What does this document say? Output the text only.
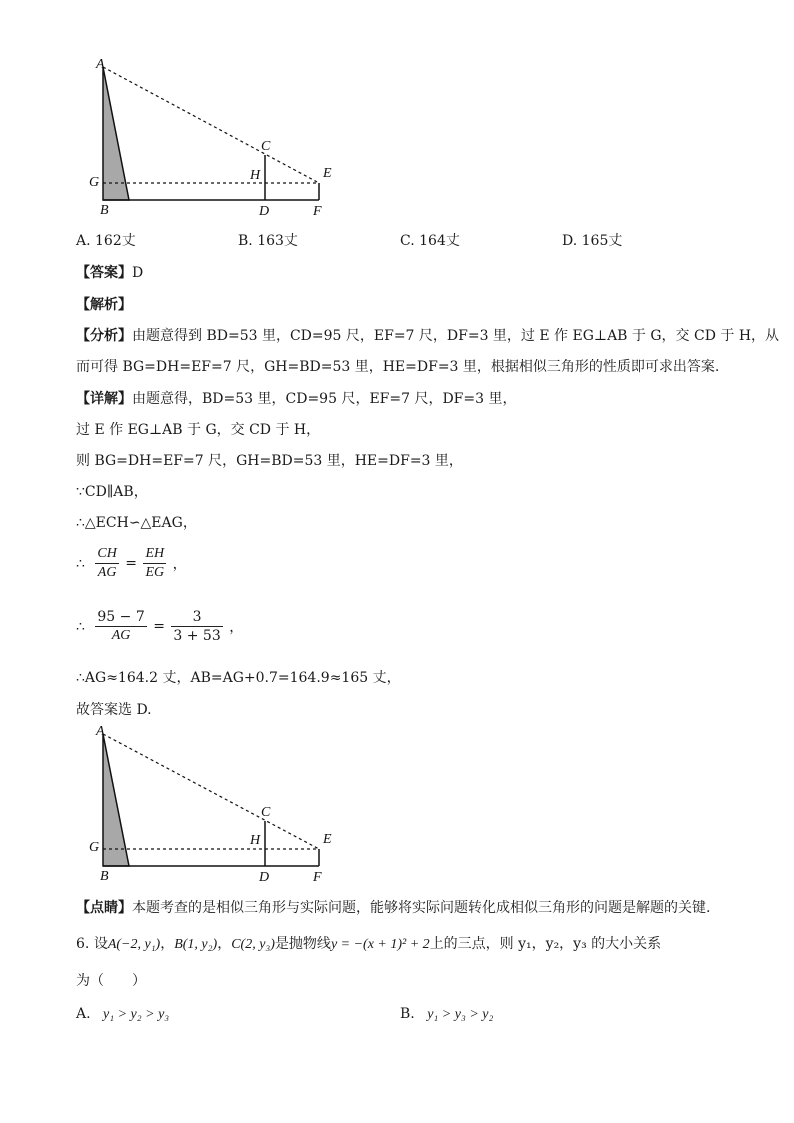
A
G
B
C
H
D
E
F
A. 162丈	B. 163丈	C. 164丈	D. 165丈
【答案】D
【解析】
【分析】由题意得到 BD=53 里，CD=95 尺，EF=7 尺，DF=3 里，过 E 作 EG⊥AB 于 G，交 CD 于 H，从
而可得 BG=DH=EF=7 尺，GH=BD=53 里，HE=DF=3 里，根据相似三角形的性质即可求出答案.
【详解】由题意得，BD=53 里，CD=95 尺，EF=7 尺，DF=3 里，
过 E 作 EG⊥AB 于 G，交 CD 于 H，
则 BG=DH=EF=7 尺，GH=BD=53 里，HE=DF=3 里，
∵CD∥AB，
∴△ECH∽△EAG，
∴ $\frac{CH}{AG} = \frac{EH}{EG}$ ，
∴ $\frac{95 - 7}{AG} = \frac{3}{3 + 53}$ ，
∴AG≈164.2 丈，AB=AG+0.7=164.9≈165 丈，
故答案选 D.
A
G
B
C
H
D
E
F
【点睛】本题考查的是相似三角形与实际问题，能够将实际问题转化成相似三角形的问题是解题的关键.
6. 设A(−2, y₁)，B(1, y₂)，C(2, y₃)是抛物线y = −(x + 1)² + 2上的三点，则 y₁，y₂，y₃ 的大小关系
为（　　）
A. y₁ > y₂ > y₃	B. y₁ > y₃ > y₂
